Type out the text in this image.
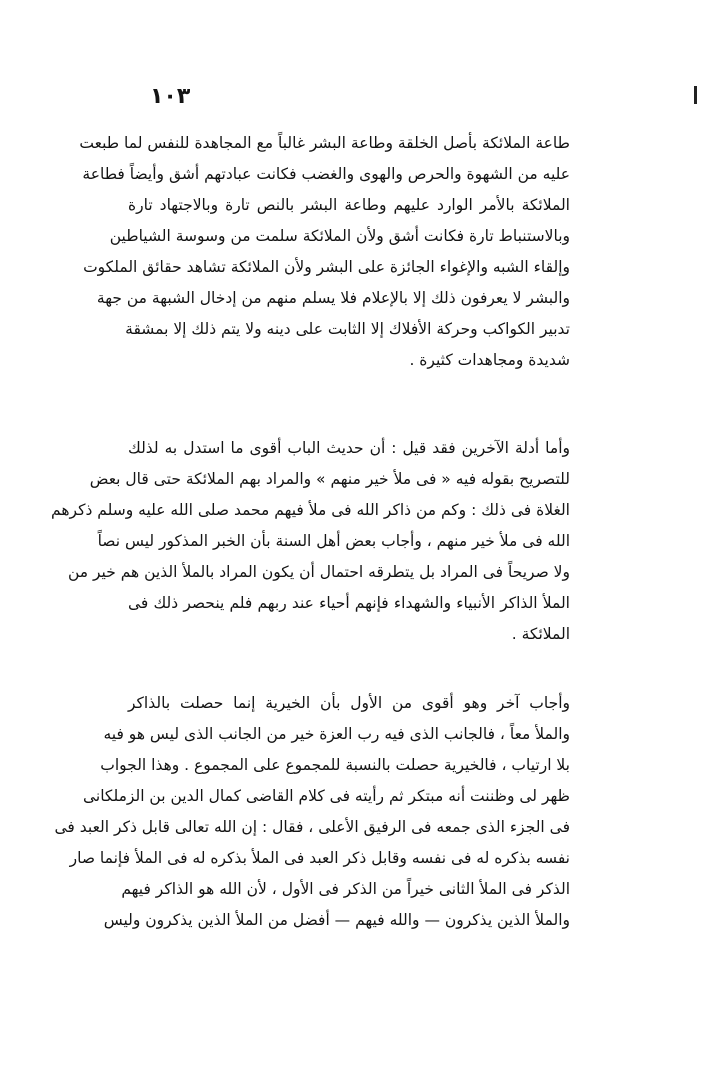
١٠٣
طاعة الملائكة بأصل الخلقة وطاعة البشر غالباً مع المجاهدة للنفس لما طبعت
عليه من الشهوة والحرص والهوى والغضب فكانت عبادتهم أشق وأيضاً فطاعة
الملائكة بالأمر الوارد عليهم وطاعة البشر بالنص تارة وبالاجتهاد تارة
وبالاستنباط تارة فكانت أشق ولأن الملائكة سلمت من وسوسة الشياطين
وإلقاء الشبه والإغواء الجائزة على البشر ولأن الملائكة تشاهد حقائق الملكوت
والبشر لا يعرفون ذلك إلا بالإعلام فلا يسلم منهم من إدخال الشبهة من جهة
تدبير الكواكب وحركة الأفلاك إلا الثابت على دينه ولا يتم ذلك إلا بمشقة
شديدة ومجاهدات كثيرة .
وأما أدلة الآخرين فقد قيل : أن حديث الباب أقوى ما استدل به لذلك
للتصريح بقوله فيه « فى ملأ خير منهم » والمراد بهم الملائكة حتى قال بعض
الغلاة فى ذلك : وكم من ذاكر الله فى ملأ فيهم محمد صلى الله عليه وسلم ذكرهم
الله فى ملأ خير منهم ، وأجاب بعض أهل السنة بأن الخبر المذكور ليس نصاً
ولا صريحاً فى المراد بل يتطرقه احتمال أن يكون المراد بالملأ الذين هم خير من
الملأ الذاكر الأنبياء والشهداء فإنهم أحياء عند ربهم فلم ينحصر ذلك فى
الملائكة .
وأجاب آخر وهو أقوى من الأول بأن الخيرية إنما حصلت بالذاكر
والملأ معاً ، فالجانب الذى فيه رب العزة خير من الجانب الذى ليس هو فيه
بلا ارتياب ، فالخيرية حصلت بالنسبة للمجموع على المجموع . وهذا الجواب
ظهر لى وظننت أنه مبتكر ثم رأيته فى كلام القاضى كمال الدين بن الزملكانى
فى الجزء الذى جمعه فى الرفيق الأعلى ، فقال : إن الله تعالى قابل ذكر العبد فى
نفسه بذكره له فى نفسه وقابل ذكر العبد فى الملأ بذكره له فى الملأ فإنما صار
الذكر فى الملأ الثانى خيراً من الذكر فى الأول ، لأن الله هو الذاكر فيهم
والملأ الذين يذكرون — والله فيهم — أفضل من الملأ الذين يذكرون وليس
